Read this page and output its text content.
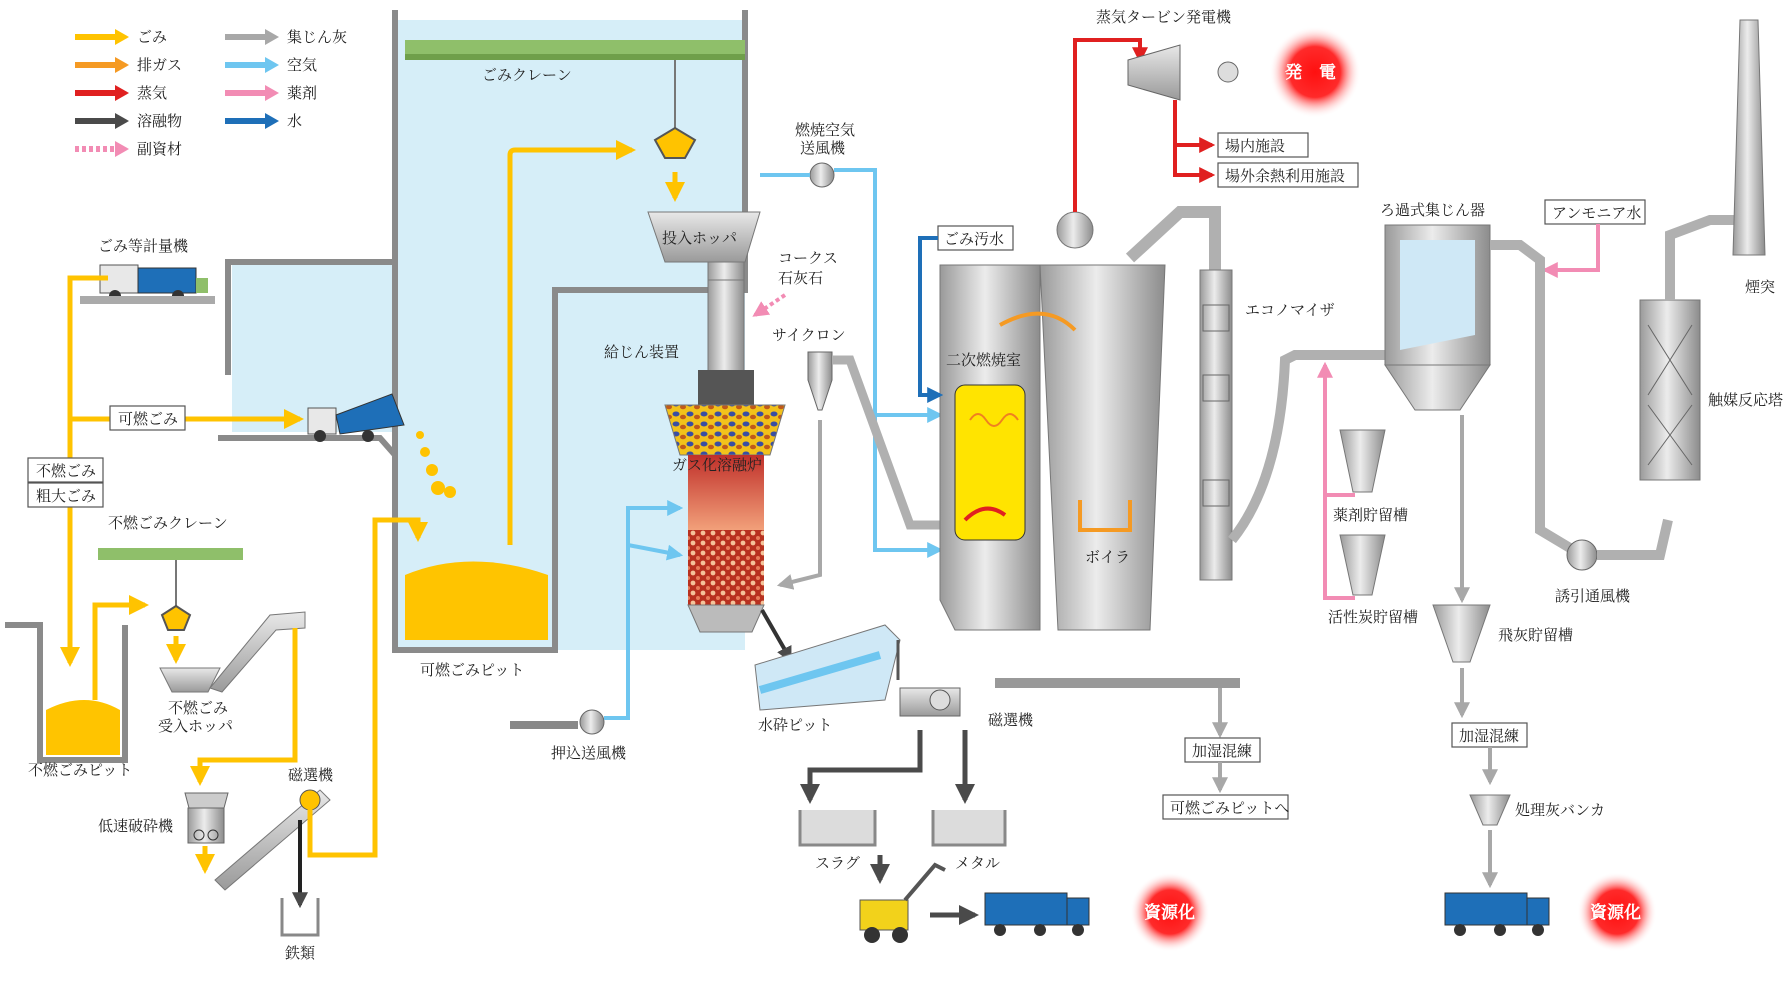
ごみ
排ガス
蒸気
溶融物
副資材
集じん灰
空気
薬剤
水
ごみクレーン
投入ホッパ
ごみ等計量機
可燃ごみ
不燃ごみ
粗大ごみ
不燃ごみクレーン
不燃ごみピット
不燃ごみ
受入ホッパ
低速破砕機
磁選機
鉄類
可燃ごみピット
ガス化溶融炉
給じん装置
コークス
石灰石
燃焼空気
送風機
押込送風機
サイクロン
水砕ピット	磁選機
スラグ	メタル
資源化
二次燃焼室
ボイラ
ごみ汚水
蒸気タービン発電機
発　電
場内施設
場外余熱利用施設
エコノマイザ
加湿混練
可燃ごみピットへ
薬剤貯留槽
活性炭貯留槽
ろ過式集じん器	アンモニア水
飛灰貯留槽
加湿混練
処理灰バンカ
資源化
誘引通風機
触媒反応塔
煙突
